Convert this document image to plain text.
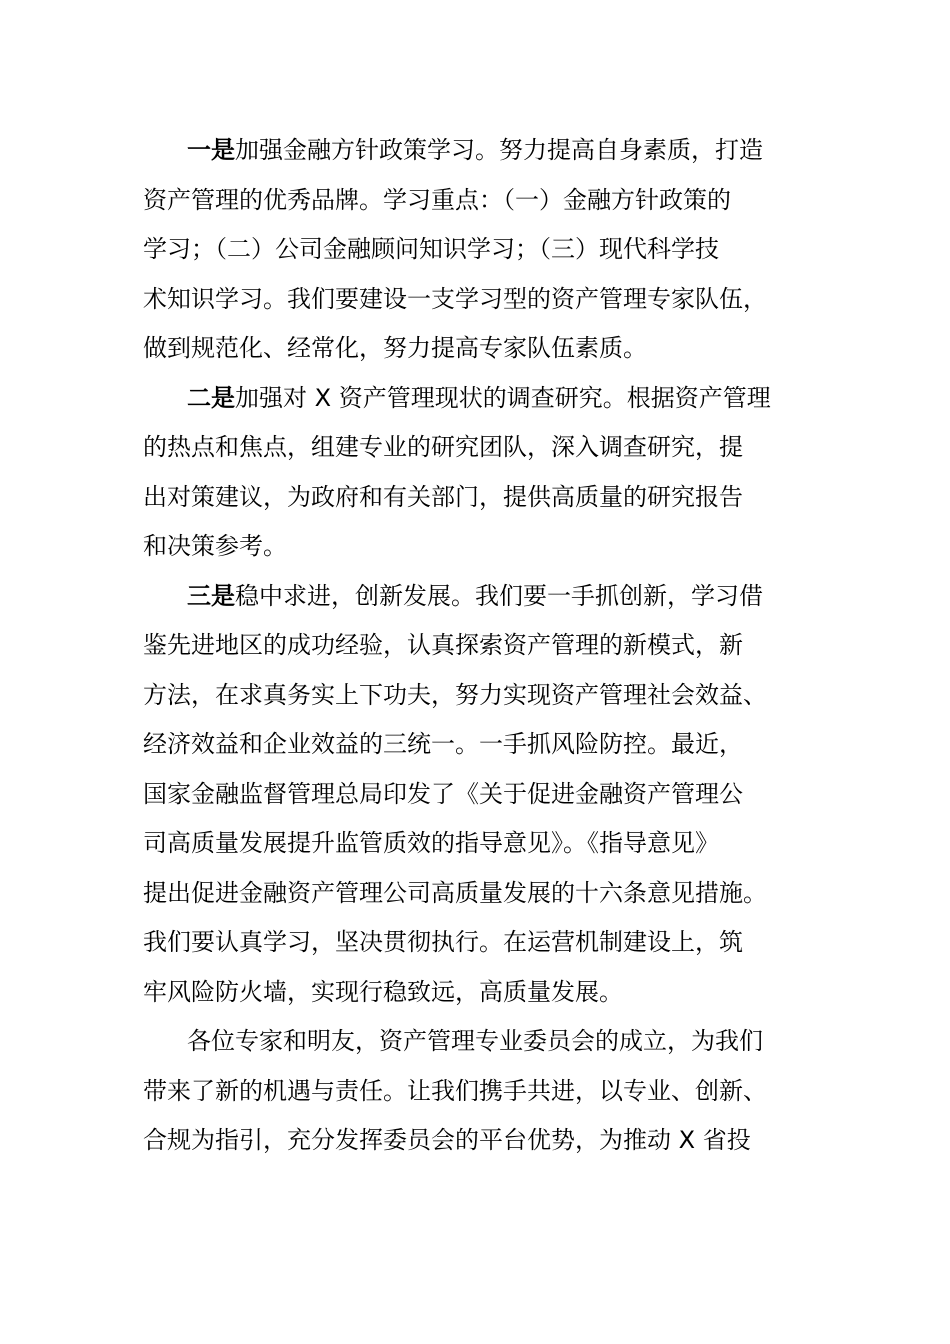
一是加强金融方针政策学习。努力提高自身素质，打造
资产管理的优秀品牌。学习重点：（一）金融方针政策的
学习；（二）公司金融顾问知识学习；（三）现代科学技
术知识学习。我们要建设一支学习型的资产管理专家队伍，
做到规范化、经常化，努力提高专家队伍素质。

二是加强对 X 资产管理现状的调查研究。根据资产管理
的热点和焦点，组建专业的研究团队，深入调查研究，提
出对策建议，为政府和有关部门，提供高质量的研究报告
和决策参考。

三是稳中求进，创新发展。我们要一手抓创新，学习借
鉴先进地区的成功经验，认真探索资产管理的新模式，新
方法，在求真务实上下功夫，努力实现资产管理社会效益、
经济效益和企业效益的三统一。一手抓风险防控。最近，
国家金融监督管理总局印发了《关于促进金融资产管理公
司高质量发展提升监管质效的指导意见》。《指导意见》
提出促进金融资产管理公司高质量发展的十六条意见措施。
我们要认真学习，坚决贯彻执行。在运营机制建设上，筑
牢风险防火墙，实现行稳致远，高质量发展。

各位专家和明友，资产管理专业委员会的成立，为我们
带来了新的机遇与责任。让我们携手共进，以专业、创新、
合规为指引，充分发挥委员会的平台优势，为推动 X 省投
